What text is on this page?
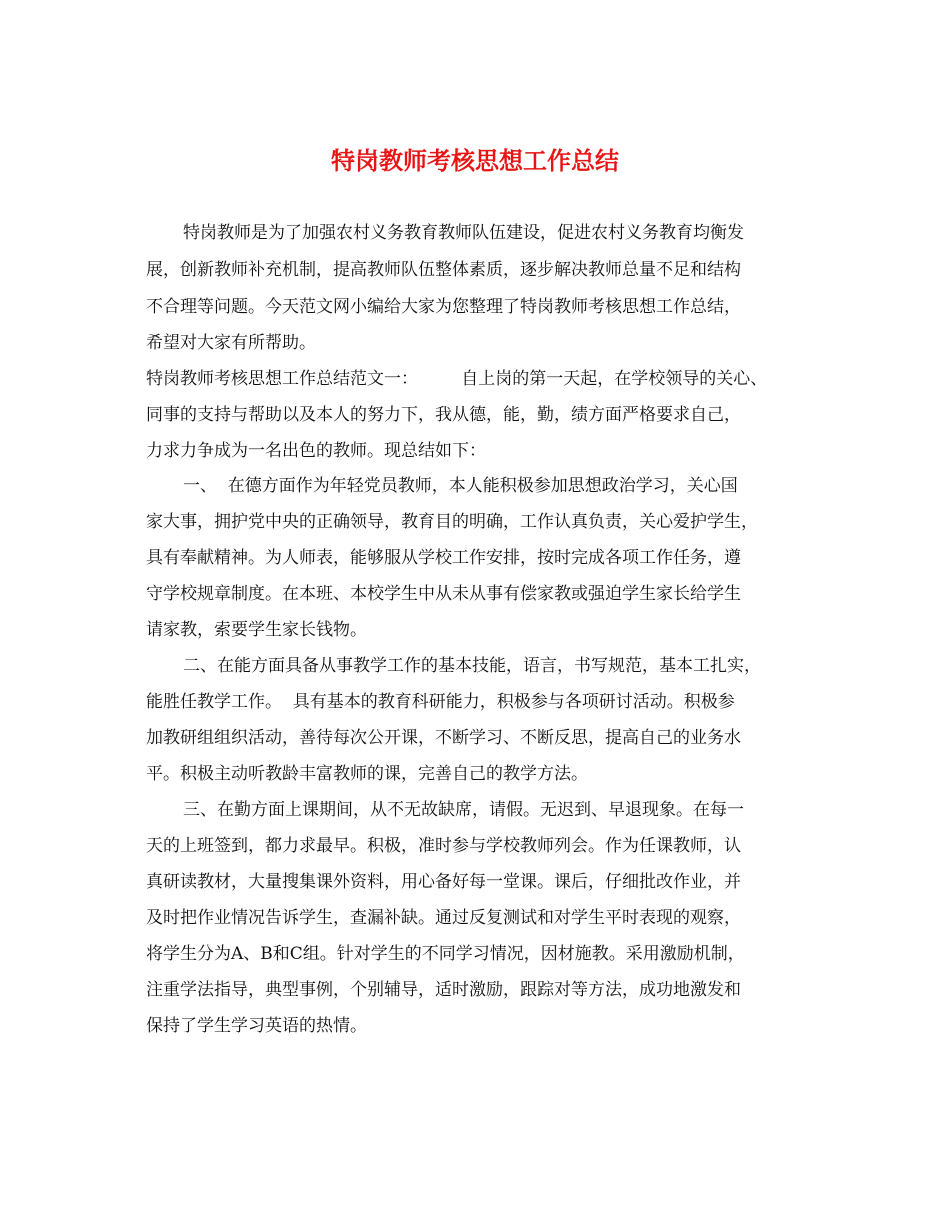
特岗教师考核思想工作总结
特岗教师是为了加强农村义务教育教师队伍建设，促进农村义务教育均衡发
展，创新教师补充机制，提高教师队伍整体素质，逐步解决教师总量不足和结构
不合理等问题。今天范文网小编给大家为您整理了特岗教师考核思想工作总结，
希望对大家有所帮助。
特岗教师考核思想工作总结范文一：        自上岗的第一天起，在学校领导的关心、
同事的支持与帮助以及本人的努力下，我从德，能，勤，绩方面严格要求自己，
力求力争成为一名出色的教师。现总结如下：
一、  在德方面作为年轻党员教师，本人能积极参加思想政治学习，关心国
家大事，拥护党中央的正确领导，教育目的明确，工作认真负责，关心爱护学生，
具有奉献精神。为人师表，能够服从学校工作安排，按时完成各项工作任务，遵
守学校规章制度。在本班、本校学生中从未从事有偿家教或强迫学生家长给学生
请家教，索要学生家长钱物。
二、在能方面具备从事教学工作的基本技能，语言，书写规范，基本工扎实，
能胜任教学工作。  具有基本的教育科研能力，积极参与各项研讨活动。积极参
加教研组组织活动，善待每次公开课，不断学习、不断反思，提高自己的业务水
平。积极主动听教龄丰富教师的课，完善自己的教学方法。
三、在勤方面上课期间，从不无故缺席，请假。无迟到、早退现象。在每一
天的上班签到，都力求最早。积极，准时参与学校教师列会。作为任课教师，认
真研读教材，大量搜集课外资料，用心备好每一堂课。课后，仔细批改作业，并
及时把作业情况告诉学生，查漏补缺。通过反复测试和对学生平时表现的观察，
将学生分为A、B和C组。针对学生的不同学习情况，因材施教。采用激励机制，
注重学法指导，典型事例，个别辅导，适时激励，跟踪对等方法，成功地激发和
保持了学生学习英语的热情。
